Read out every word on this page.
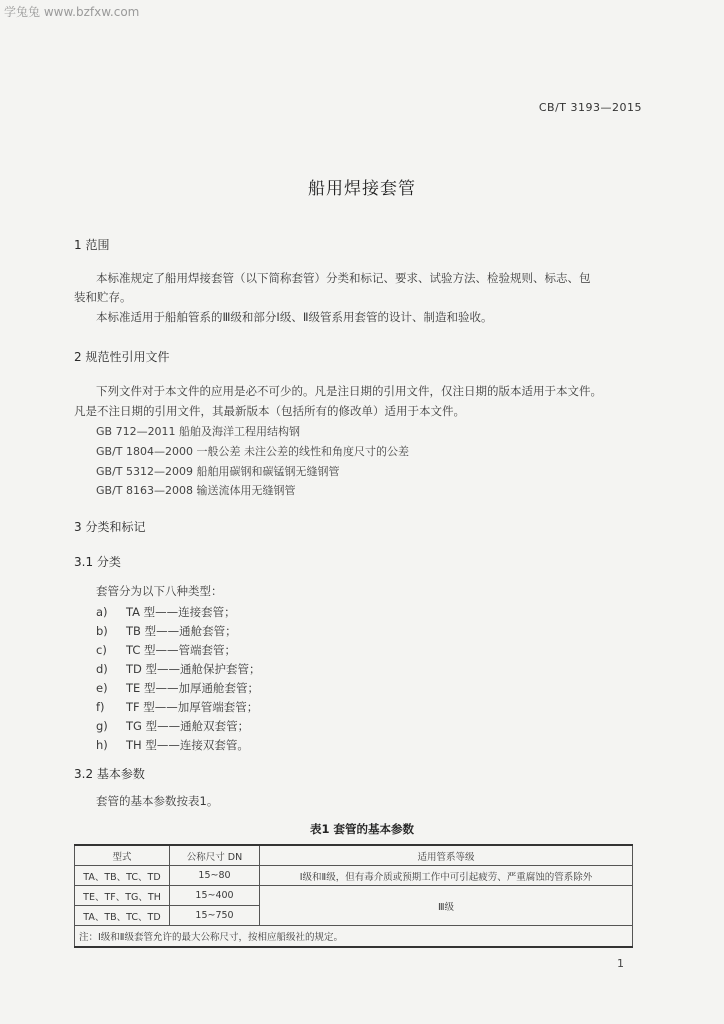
学兔兔 www.bzfxw.com
CB/T 3193—2015
船用焊接套管
1 范围
本标准规定了船用焊接套管（以下简称套管）分类和标记、要求、试验方法、检验规则、标志、包
装和贮存。
本标准适用于船舶管系的Ⅲ级和部分Ⅰ级、Ⅱ级管系用套管的设计、制造和验收。
2 规范性引用文件
下列文件对于本文件的应用是必不可少的。凡是注日期的引用文件，仅注日期的版本适用于本文件。
凡是不注日期的引用文件，其最新版本（包括所有的修改单）适用于本文件。
GB 712—2011 船舶及海洋工程用结构钢
GB/T 1804—2000 一般公差 未注公差的线性和角度尺寸的公差
GB/T 5312—2009 船舶用碳钢和碳锰钢无缝钢管
GB/T 8163—2008 输送流体用无缝钢管
3 分类和标记
3.1 分类
套管分为以下八种类型：
a) TA 型——连接套管；
b) TB 型——通舱套管；
c) TC 型——管端套管；
d) TD 型——通舱保护套管；
e) TE 型——加厚通舱套管；
f) TF 型——加厚管端套管；
g) TG 型——通舱双套管；
h) TH 型——连接双套管。
3.2 基本参数
套管的基本参数按表1。
表1 套管的基本参数
型式	公称尺寸 DN	适用管系等级
TA、TB、TC、TD	15~80	Ⅰ级和Ⅱ级，但有毒介质或预期工作中可引起疲劳、严重腐蚀的管系除外
TE、TF、TG、TH	15~400	Ⅲ级
TA、TB、TC、TD	15~750	
注：Ⅰ级和Ⅱ级套管允许的最大公称尺寸，按相应船级社的规定。		
1
